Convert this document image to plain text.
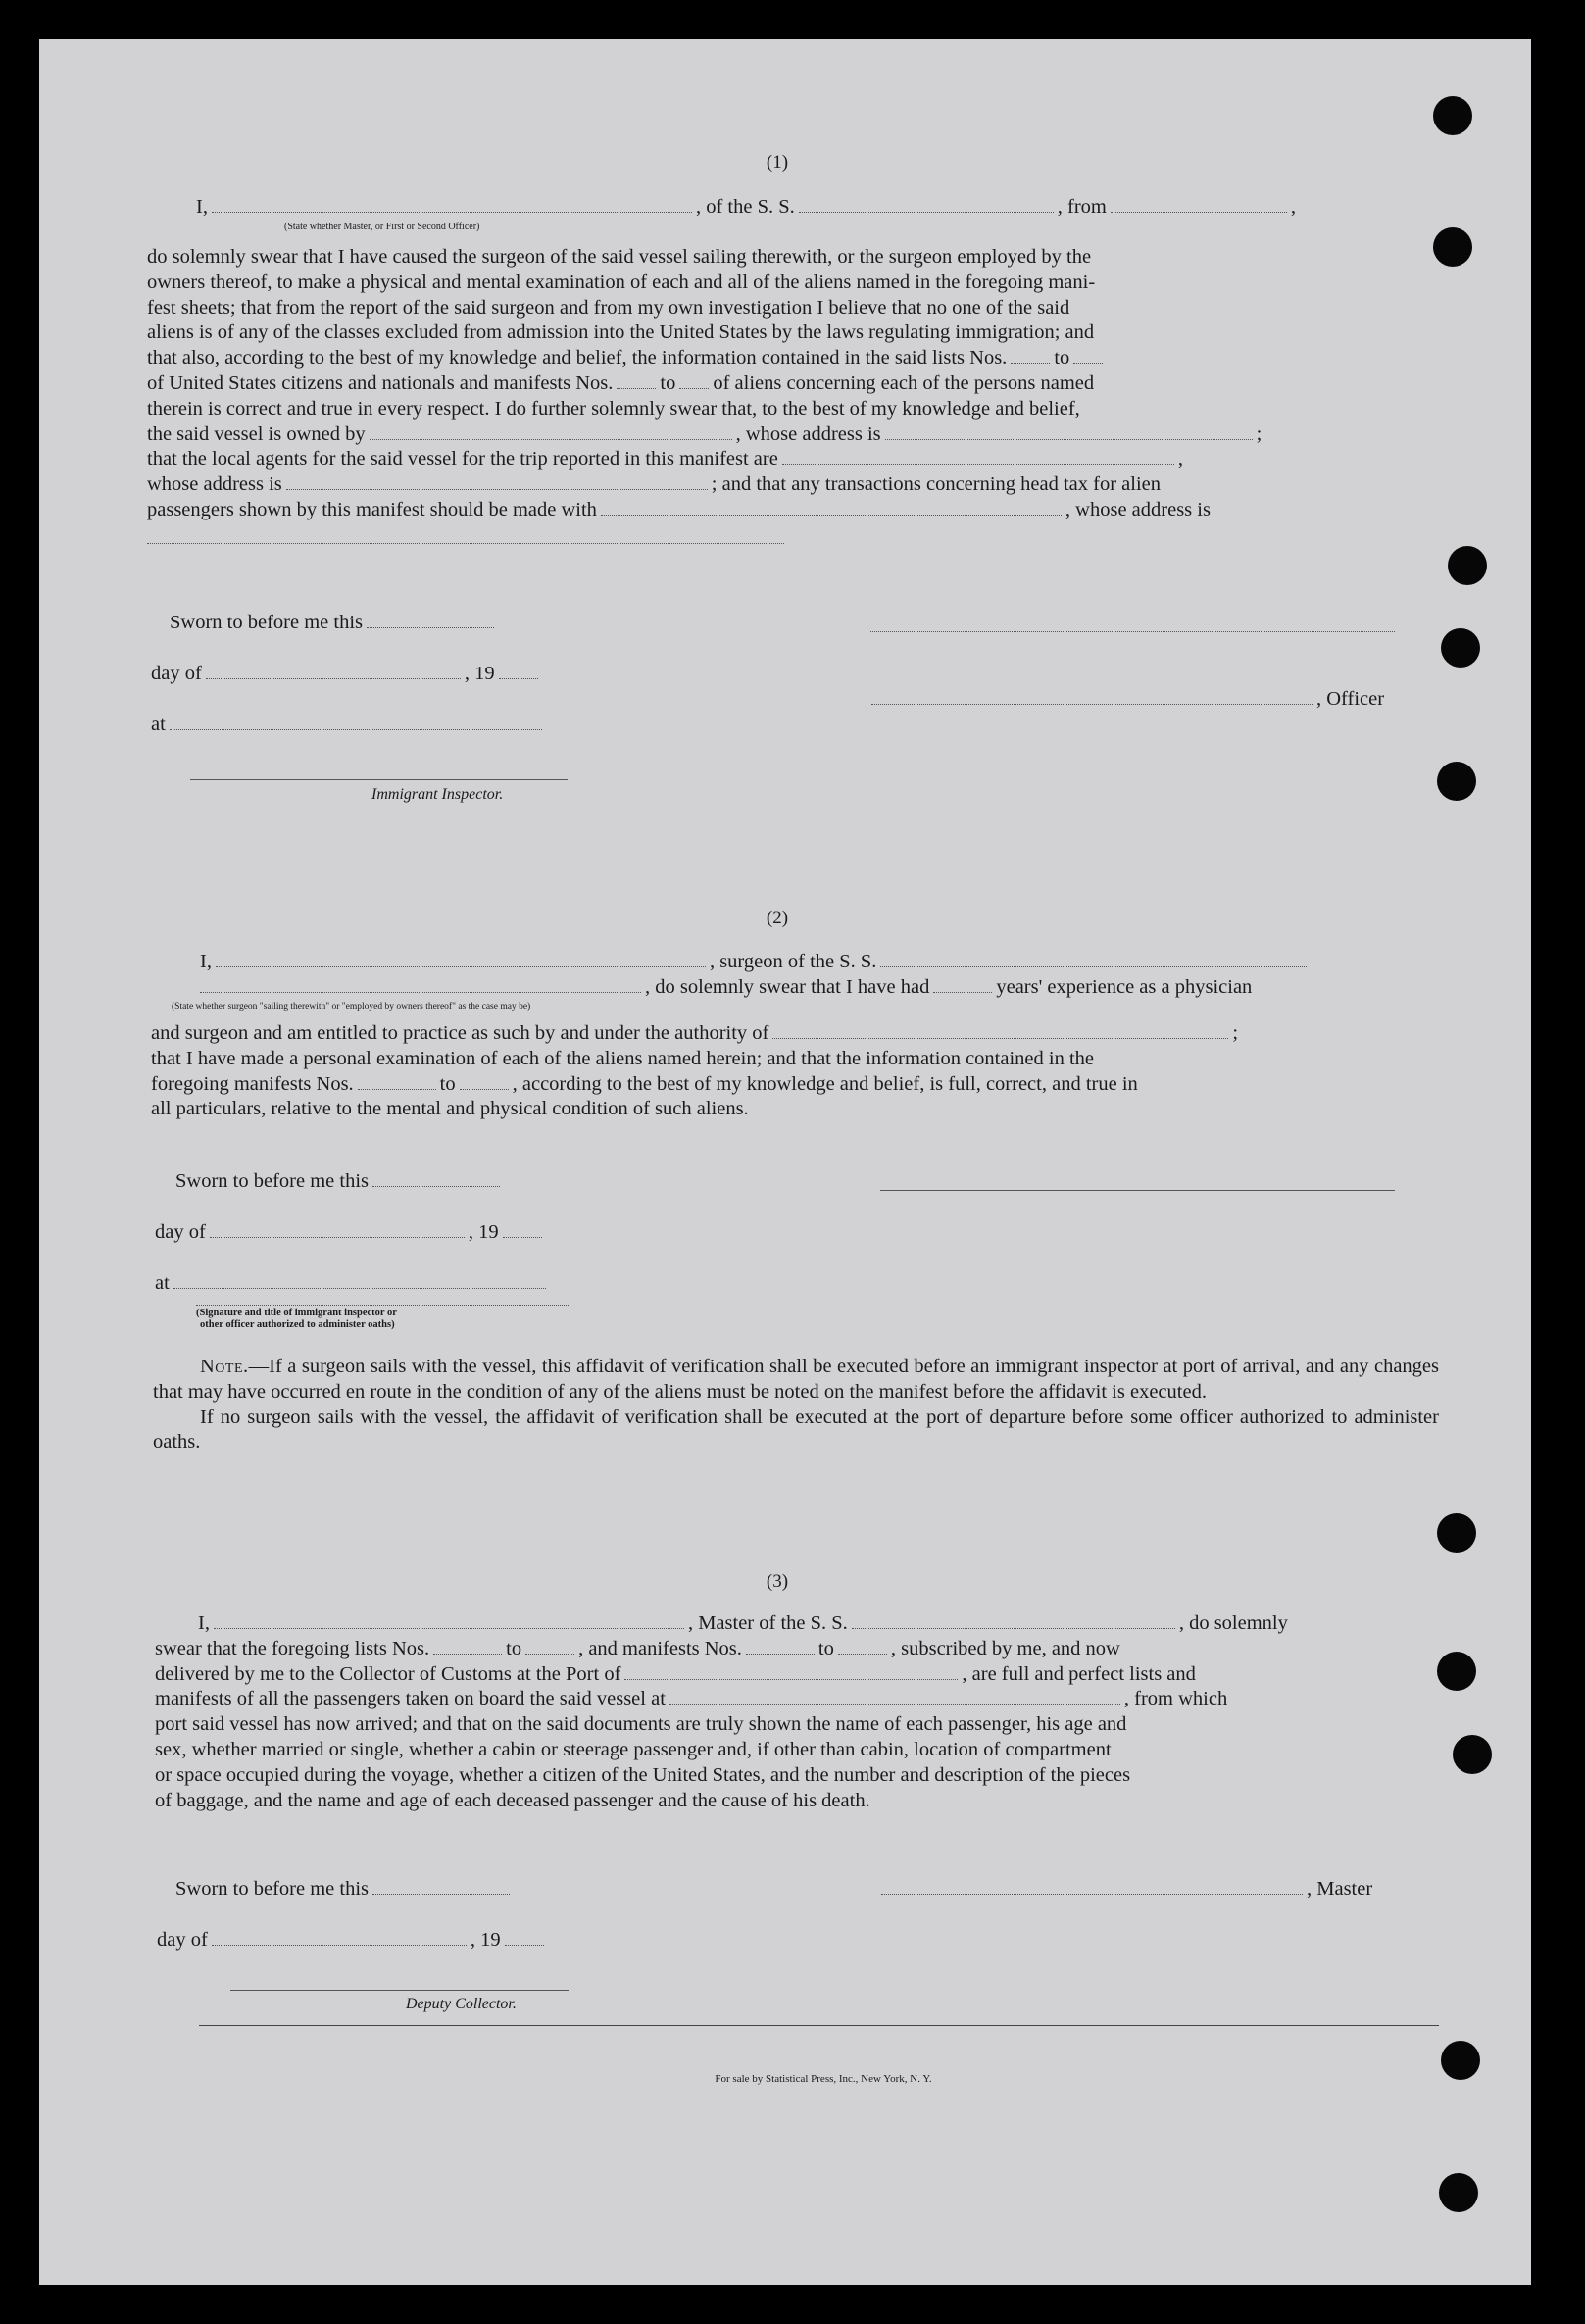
(1)
I,	, of the S. S.	, from	,
(State whether Master, or First or Second Officer)

do solemnly swear that I have caused the surgeon of the said vessel sailing therewith, or the surgeon employed by the

owners thereof, to make a physical and mental examination of each and all of the aliens named in the foregoing mani-

fest sheets; that from the report of the said surgeon and from my own investigation I believe that no one of the said

aliens is of any of the classes excluded from admission into the United States by the laws regulating immigration; and

that also, according to the best of my knowledge and belief, the information contained in the said lists Nos. to

of United States citizens and nationals and manifests Nos. to of aliens concerning each of the persons named

therein is correct and true in every respect. I do further solemnly swear that, to the best of my knowledge and belief,

the said vessel is owned by	, whose address is	;

that the local agents for the said vessel for the trip reported in this manifest are	,

whose address is	; and that any transactions concerning head tax for alien

passengers shown by this manifest should be made with	, whose address is

Sworn to before me this
day of	, 19
, Officer
at
Immigrant Inspector.
(2)
I,	, surgeon of the S. S.
, do solemnly swear that I have had	years' experience as a physician
(State whether surgeon "sailing therewith" or "employed by owners thereof" as the case may be)

and surgeon and am entitled to practice as such by and under the authority of	;

that I have made a personal examination of each of the aliens named herein; and that the information contained in the

foregoing manifests Nos.	to	, according to the best of my knowledge and belief, is full, correct, and true in

all particulars, relative to the mental and physical condition of such aliens.

Sworn to before me this
day of	, 19
at
(Signature and title of immigrant inspector or
other officer authorized to administer oaths)

Note.—If a surgeon sails with the vessel, this affidavit of verification shall be executed before an immigrant inspector at port of arrival, and any changes that may have occurred en route in the condition of any of the aliens must be noted on the manifest before the affidavit is executed.

If no surgeon sails with the vessel, the affidavit of verification shall be executed at the port of departure before some officer authorized to administer oaths.

(3)

I,	, Master of the S. S.	, do solemnly

swear that the foregoing lists Nos.	to	, and manifests Nos.	to	, subscribed by me, and now

delivered by me to the Collector of Customs at the Port of	, are full and perfect lists and

manifests of all the passengers taken on board the said vessel at	, from which

port said vessel has now arrived; and that on the said documents are truly shown the name of each passenger, his age and

sex, whether married or single, whether a cabin or steerage passenger and, if other than cabin, location of compartment

or space occupied during the voyage, whether a citizen of the United States, and the number and description of the pieces

of baggage, and the name and age of each deceased passenger and the cause of his death.

Sworn to before me this	, Master
day of	, 19
Deputy Collector.
For sale by Statistical Press, Inc., New York, N. Y.
